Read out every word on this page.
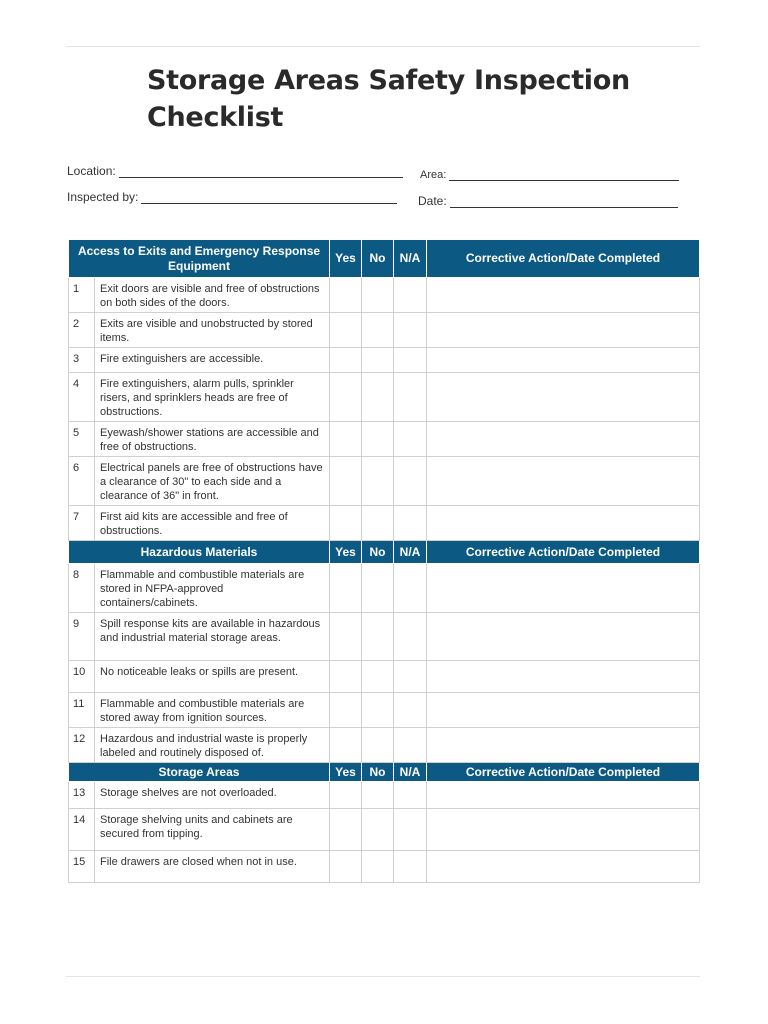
Storage Areas Safety Inspection Checklist
Location:	Area:
Inspected by:	Date:
Access to Exits and Emergency Response Equipment		Yes	No	N/A	Corrective Action/Date Completed
1	Exit doors are visible and free of obstructions on both sides of the doors.				
2	Exits are visible and unobstructed by stored items.				
3	Fire extinguishers are accessible.				
4	Fire extinguishers, alarm pulls, sprinkler risers, and sprinklers heads are free of obstructions.				
5	Eyewash/shower stations are accessible and free of obstructions.				
6	Electrical panels are free of obstructions have a clearance of 30" to each side and a clearance of 36" in front.				
7	First aid kits are accessible and free of obstructions.				
Hazardous Materials		Yes	No	N/A	Corrective Action/Date Completed
8	Flammable and combustible materials are stored in NFPA-approved containers/cabinets.				
9	Spill response kits are available in hazardous and industrial material storage areas.				
10	No noticeable leaks or spills are present.				
11	Flammable and combustible materials are stored away from ignition sources.				
12	Hazardous and industrial waste is properly labeled and routinely disposed of.				
Storage Areas		Yes	No	N/A	Corrective Action/Date Completed
13	Storage shelves are not overloaded.				
14	Storage shelving units and cabinets are secured from tipping.				
15	File drawers are closed when not in use.				
